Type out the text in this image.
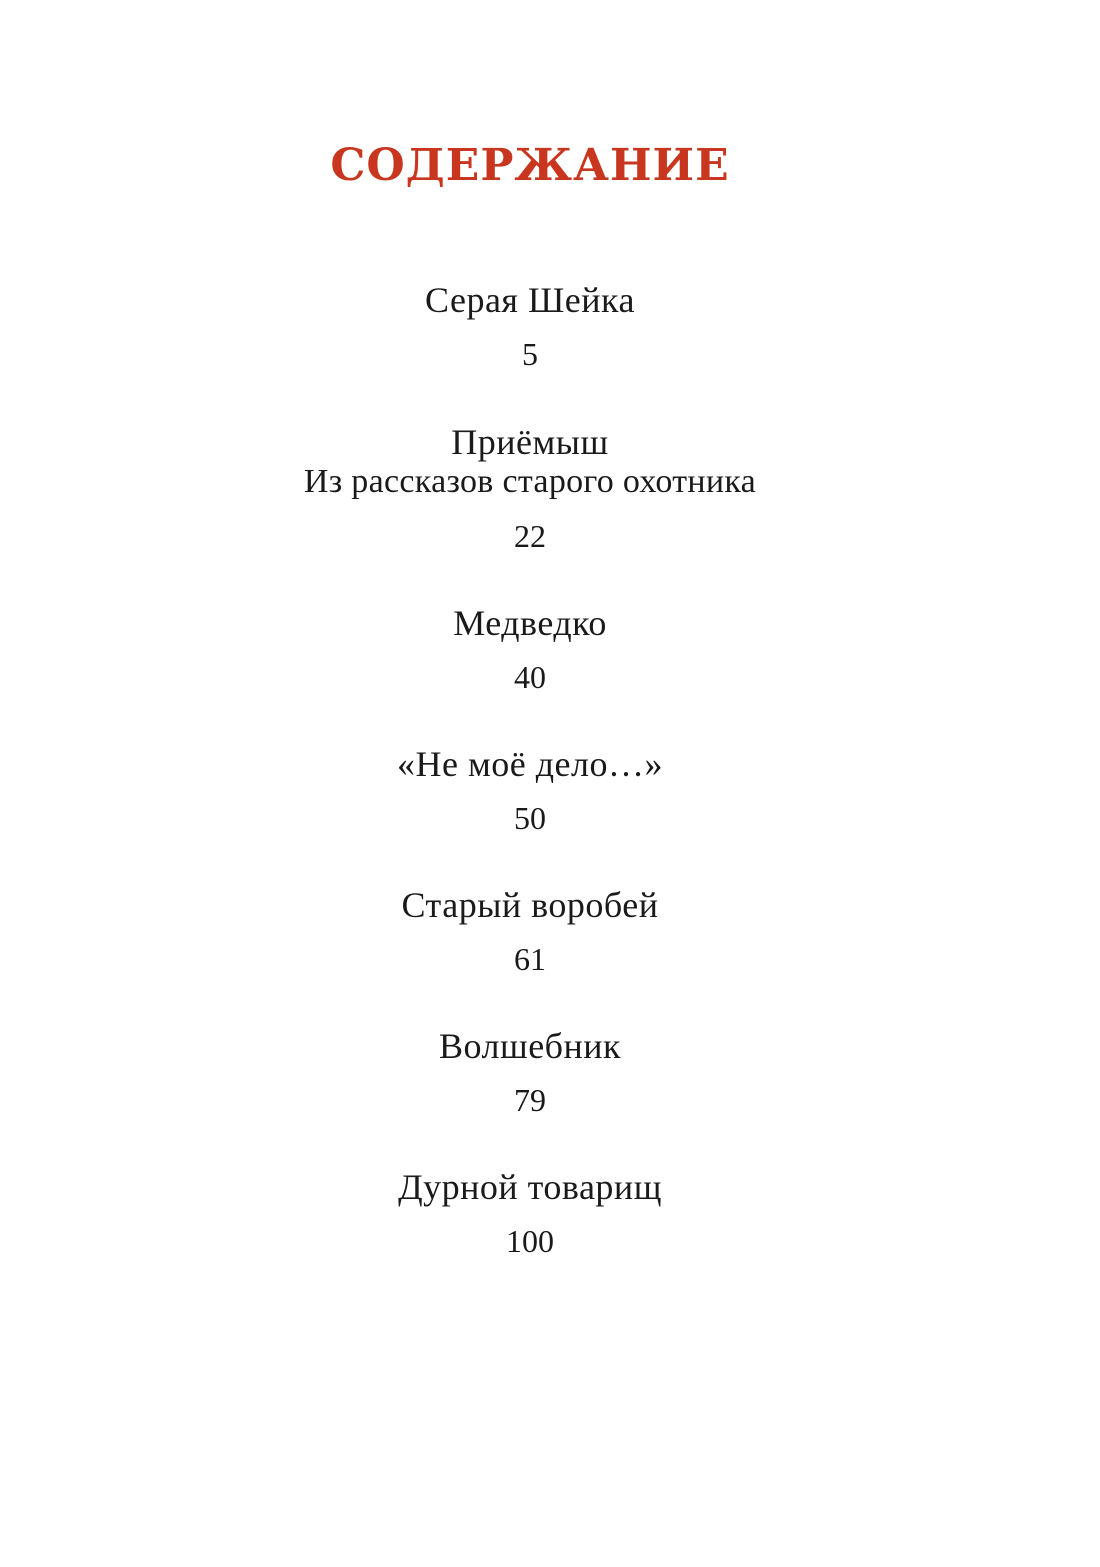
СОДЕРЖАНИЕ
Серая Шейка
5
Приёмыш
Из рассказов старого охотника
22
Медведко
40
«Не моё дело…»
50
Старый воробей
61
Волшебник
79
Дурной товарищ
100
